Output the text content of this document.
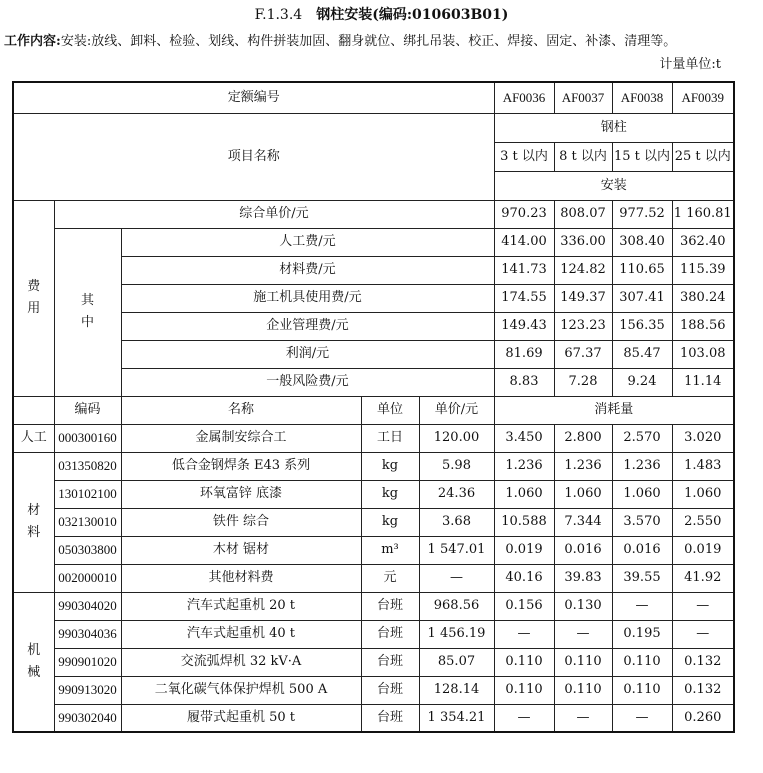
F.1.3.4 钢柱安装(编码:010603B01)
工作内容:安装:放线、卸料、检验、划线、构件拼装加固、翻身就位、绑扎吊装、校正、焊接、固定、补漆、清理等。
计量单位:t
定额编号					AF0036	AF0037	AF0038	AF0039
项目名称					钢柱			
					3 t 以内	8 t 以内	15 t 以内	25 t 以内
					安装			
费用	综合单价/元				970.23	808.07	977.52	1 160.81
	其中	人工费/元			414.00	336.00	308.40	362.40
		材料费/元			141.73	124.82	110.65	115.39
		施工机具使用费/元			174.55	149.37	307.41	380.24
		企业管理费/元			149.43	123.23	156.35	188.56
		利润/元			81.69	67.37	85.47	103.08
		一般风险费/元			8.83	7.28	9.24	11.14
	编码	名称	单位	单价/元	消耗量			
人工	000300160	金属制安综合工	工日	120.00	3.450	2.800	2.570	3.020
材料	031350820	低合金钢焊条 E43 系列	kg	5.98	1.236	1.236	1.236	1.483
	130102100	环氧富锌 底漆	kg	24.36	1.060	1.060	1.060	1.060
	032130010	铁件 综合	kg	3.68	10.588	7.344	3.570	2.550
	050303800	木材 锯材	m³	1 547.01	0.019	0.016	0.016	0.019
	002000010	其他材料费	元	—	40.16	39.83	39.55	41.92
机械	990304020	汽车式起重机 20 t	台班	968.56	0.156	0.130	—	—
	990304036	汽车式起重机 40 t	台班	1 456.19	—	—	0.195	—
	990901020	交流弧焊机 32 kV·A	台班	85.07	0.110	0.110	0.110	0.132
	990913020	二氧化碳气体保护焊机 500 A	台班	128.14	0.110	0.110	0.110	0.132
	990302040	履带式起重机 50 t	台班	1 354.21	—	—	—	0.260
